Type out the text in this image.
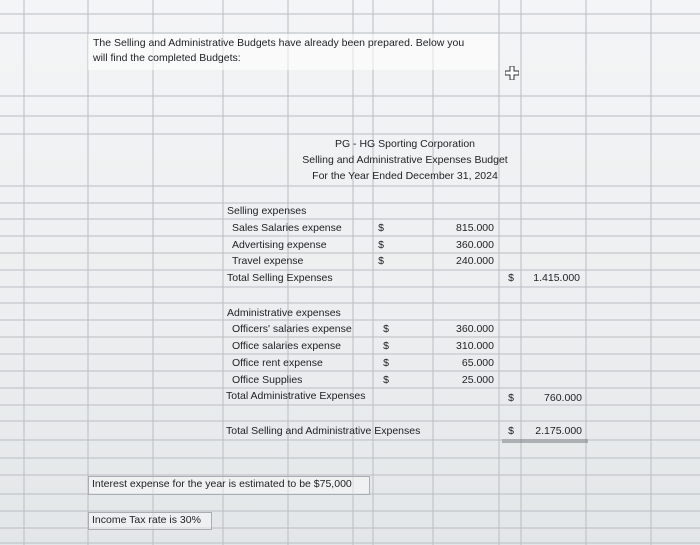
The Selling and Administrative Budgets have already been prepared. Below you
will find the completed Budgets:
PG - HG Sporting Corporation
Selling and Administrative Expenses Budget
For the Year Ended December 31, 2024
Selling expenses
Sales Salaries expense	$	815.000
Advertising expense	$	360.000
Travel expense	$	240.000
Total Selling Expenses	$	1.415.000
Administrative expenses
Officers' salaries expense	$	360.000
Office salaries expense	$	310.000
Office rent expense	$	65.000
Office Supplies	$	25.000
Total Administrative Expenses	$	760.000
Total Selling and Administrative Expenses	$	2.175.000
Interest expense for the year is estimated to be $75,000
Income Tax rate is 30%
